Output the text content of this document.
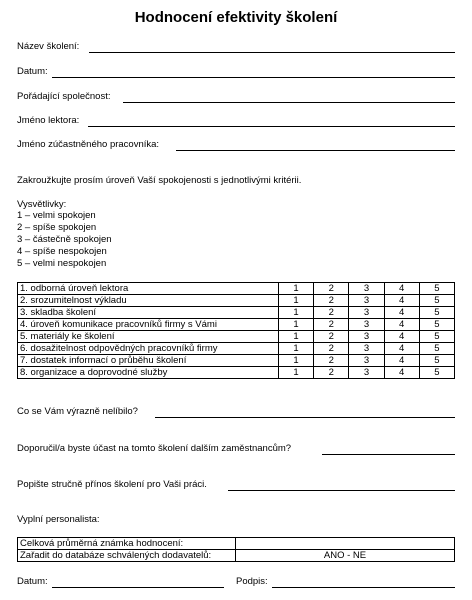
Hodnocení efektivity školení
Název školení:
Datum:
Pořádající společnost:
Jméno lektora:
Jméno zúčastněného pracovníka:
Zakroužkujte prosím úroveň Vaší spokojenosti s jednotlivými kritérii.
Vysvětlivky:
1 – velmi spokojen
2 – spíše spokojen
3 – částečně spokojen
4 – spíše nespokojen
5 – velmi nespokojen
1. odborná úroveň lektora	1	2	3	4	5
2. srozumitelnost výkladu	1	2	3	4	5
3. skladba školení	1	2	3	4	5
4. úroveň komunikace pracovníků firmy s Vámi	1	2	3	4	5
5. materiály ke školení	1	2	3	4	5
6. dosažitelnost odpovědných pracovníků firmy	1	2	3	4	5
7. dostatek informací o průběhu školení	1	2	3	4	5
8. organizace a doprovodné služby	1	2	3	4	5
Co se Vám výrazně nelíbilo?
Doporučil/a byste účast na tomto školení dalším zaměstnancům?
Popište stručně přínos školení pro Vaši práci.
Vyplní personalista:
Celková průměrná známka hodnocení:	
Zařadit do databáze schválených dodavatelů:	ANO - NE
Datum:	Podpis:
